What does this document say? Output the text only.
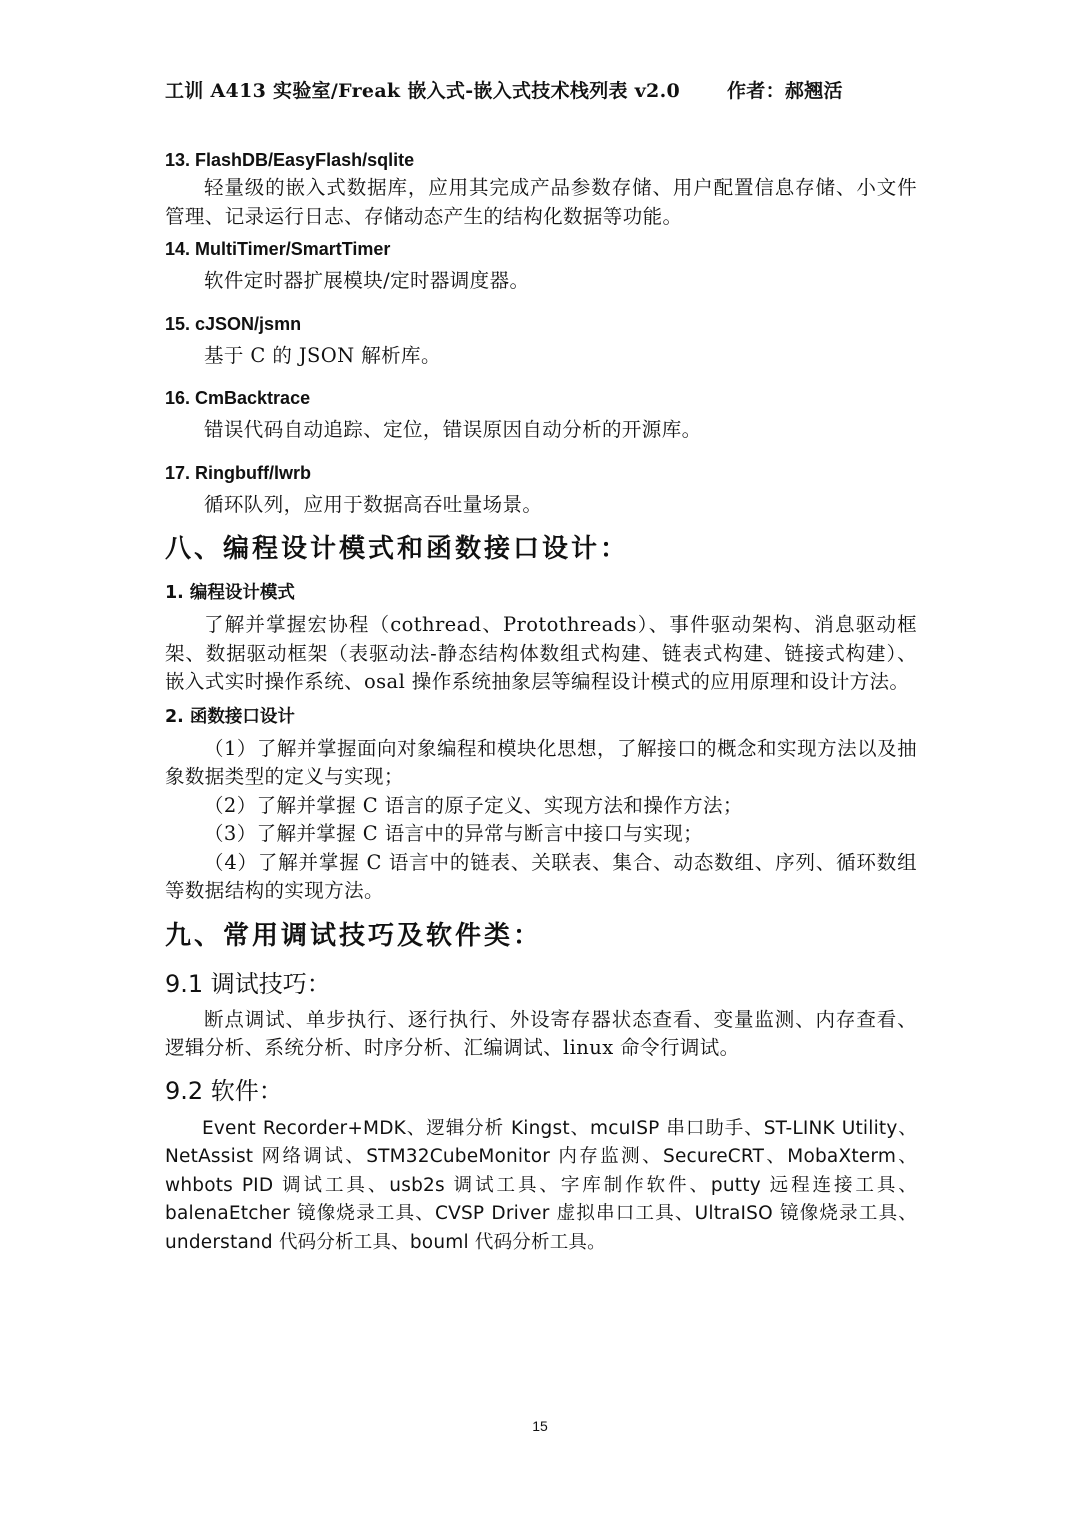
工训 A413 实验室/Freak 嵌入式-嵌入式技术栈列表 v2.0 作者：郝翘活

13. FlashDB/EasyFlash/sqlite

轻量级的嵌入式数据库，应用其完成产品参数存储、用户配置信息存储、小文件管理、记录运行日志、存储动态产生的结构化数据等功能。

14. MultiTimer/SmartTimer

软件定时器扩展模块/定时器调度器。

15. cJSON/jsmn

基于 C 的 JSON 解析库。

16. CmBacktrace

错误代码自动追踪、定位，错误原因自动分析的开源库。

17. Ringbuff/lwrb

循环队列，应用于数据高吞吐量场景。

八、编程设计模式和函数接口设计：

1. 编程设计模式

了解并掌握宏协程（cothread、Protothreads）、事件驱动架构、消息驱动框架、数据驱动框架（表驱动法-静态结构体数组式构建、链表式构建、链接式构建）、嵌入式实时操作系统、osal 操作系统抽象层等编程设计模式的应用原理和设计方法。

2. 函数接口设计

（1）了解并掌握面向对象编程和模块化思想，了解接口的概念和实现方法以及抽象数据类型的定义与实现；

（2）了解并掌握 C 语言的原子定义、实现方法和操作方法；

（3）了解并掌握 C 语言中的异常与断言中接口与实现；

（4）了解并掌握 C 语言中的链表、关联表、集合、动态数组、序列、循环数组等数据结构的实现方法。

九、常用调试技巧及软件类：

9.1 调试技巧：

断点调试、单步执行、逐行执行、外设寄存器状态查看、变量监测、内存查看、逻辑分析、系统分析、时序分析、汇编调试、linux 命令行调试。

9.2 软件：

Event Recorder+MDK、逻辑分析 Kingst、mcuISP 串口助手、ST-LINK Utility、NetAssist 网络调试、STM32CubeMonitor 内存监测、SecureCRT、MobaXterm、whbots PID 调试工具、usb2s 调试工具、字库制作软件、putty 远程连接工具、balenaEtcher 镜像烧录工具、CVSP Driver 虚拟串口工具、UltraISO 镜像烧录工具、understand 代码分析工具、bouml 代码分析工具。

15
